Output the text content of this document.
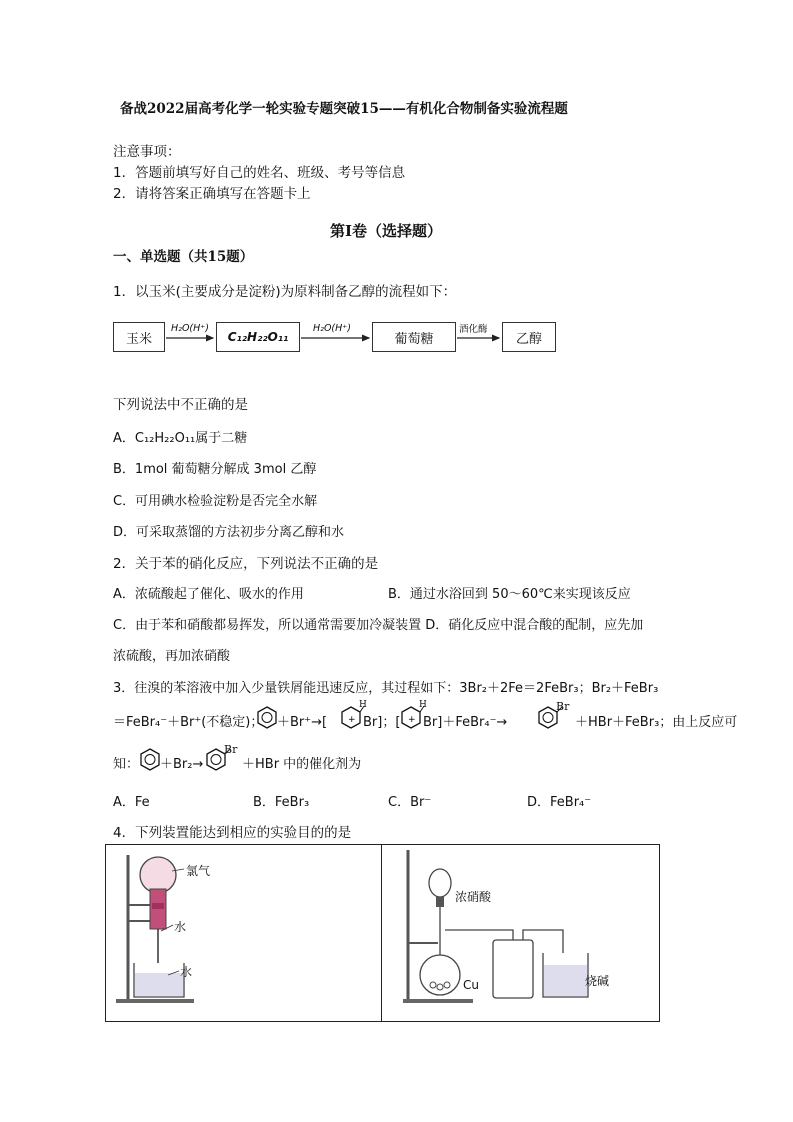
备战2022届高考化学一轮实验专题突破15——有机化合物制备实验流程题
注意事项：
1．答题前填写好自己的姓名、班级、考号等信息
2．请将答案正确填写在答题卡上
第I卷（选择题）
一、单选题（共15题）
1．以玉米(主要成分是淀粉)为原料制备乙醇的流程如下：
玉米	C₁₂H₂₂O₁₁	葡萄糖	乙醇
H₂O(H⁺)	H₂O(H⁺)	酒化酶
下列说法中不正确的是
A．C₁₂H₂₂O₁₁属于二糖
B．1mol 葡萄糖分解成 3mol 乙醇
C．可用碘水检验淀粉是否完全水解
D．可采取蒸馏的方法初步分离乙醇和水
2．关于苯的硝化反应，下列说法不正确的是
A．浓硫酸起了催化、吸水的作用	B．通过水浴回到 50～60℃来实现该反应
C．由于苯和硝酸都易挥发，所以通常需要加冷凝装置 D．硝化反应中混合酸的配制，应先加
浓硫酸，再加浓硝酸
3．往溴的苯溶液中加入少量铁屑能迅速反应，其过程如下：3Br₂＋2Fe＝2FeBr₃；Br₂＋FeBr₃
＝FeBr₄⁻＋Br⁺(不稳定)； ＋Br⁺→[ +
H
Br]；[ +
H
Br]＋FeBr₄⁻→
Br
＋HBr＋FeBr₃；由上反应可
知： ＋Br₂→
Br
＋HBr 中的催化剂为
A．Fe	B．FeBr₃	C．Br⁻	D．FeBr₄⁻
4．下列装置能达到相应的实验目的的是
氯气
水
水
浓硝酸
Cu	烧碱
